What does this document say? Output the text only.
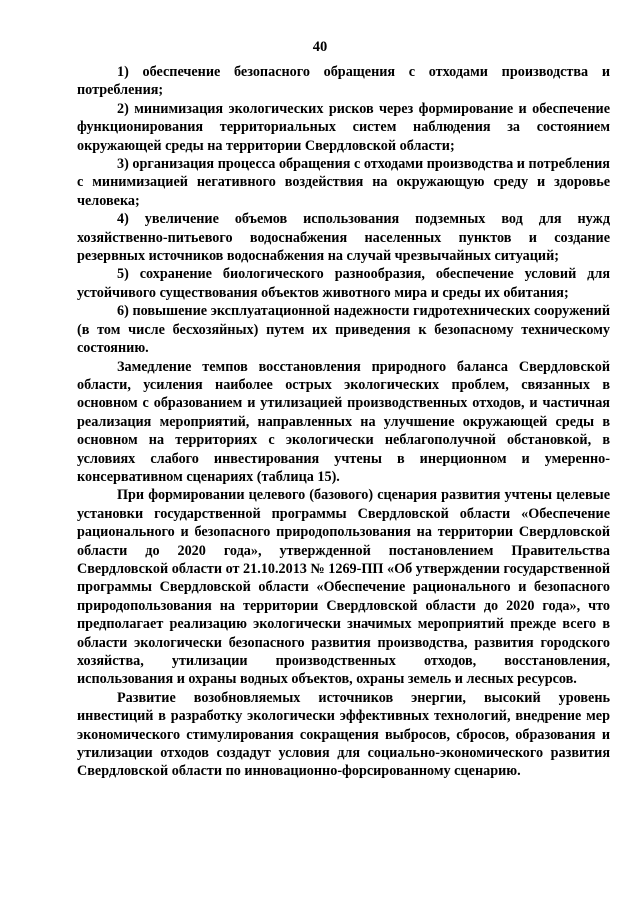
40

1) обеспечение безопасного обращения с отходами производства и потребления;

2) минимизация экологических рисков через формирование и обеспечение функционирования территориальных систем наблюдения за состоянием окружающей среды на территории Свердловской области;

3) организация процесса обращения с отходами производства и потребления с минимизацией негативного воздействия на окружающую среду и здоровье человека;

4) увеличение объемов использования подземных вод для нужд хозяйственно-питьевого водоснабжения населенных пунктов и создание резервных источников водоснабжения на случай чрезвычайных ситуаций;

5) сохранение биологического разнообразия, обеспечение условий для устойчивого существования объектов животного мира и среды их обитания;

6) повышение эксплуатационной надежности гидротехнических сооружений (в том числе бесхозяйных) путем их приведения к безопасному техническому состоянию.

Замедление темпов восстановления природного баланса Свердловской области, усиления наиболее острых экологических проблем, связанных в основном с образованием и утилизацией производственных отходов, и частичная реализация мероприятий, направленных на улучшение окружающей среды в основном на территориях с экологически неблагополучной обстановкой, в условиях слабого инвестирования учтены в инерционном и умеренно-консервативном сценариях (таблица 15).

При формировании целевого (базового) сценария развития учтены целевые установки государственной программы Свердловской области «Обеспечение рационального и безопасного природопользования на территории Свердловской области до 2020 года», утвержденной постановлением Правительства Свердловской области от 21.10.2013 № 1269-ПП «Об утверждении государственной программы Свердловской области «Обеспечение рационального и безопасного природопользования на территории Свердловской области до 2020 года», что предполагает реализацию экологически значимых мероприятий прежде всего в области экологически безопасного развития производства, развития городского хозяйства, утилизации производственных отходов, восстановления, использования и охраны водных объектов, охраны земель и лесных ресурсов.

Развитие возобновляемых источников энергии, высокий уровень инвестиций в разработку экологически эффективных технологий, внедрение мер экономического стимулирования сокращения выбросов, сбросов, образования и утилизации отходов создадут условия для социально-экономического развития Свердловской области по инновационно-форсированному сценарию.
